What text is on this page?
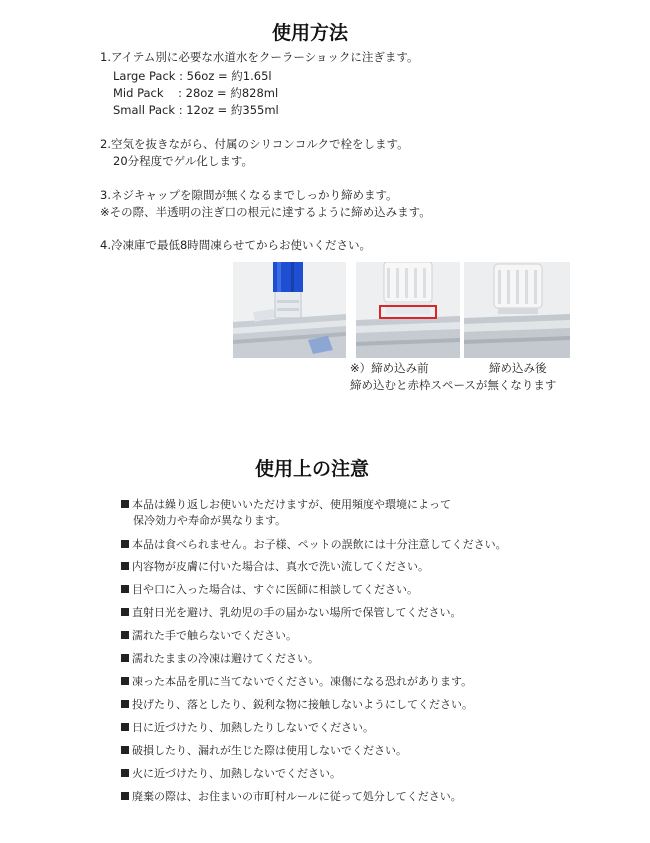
使用方法
1.アイテム別に必要な水道水をクーラーショックに注ぎます。
Large Pack : 56oz = 約1.65l
Mid Pack    : 28oz = 約828ml
Small Pack : 12oz = 約355ml
2.空気を抜きながら、付属のシリコンコルクで栓をします。
20分程度でゲル化します。
3.ネジキャップを隙間が無くなるまでしっかり締めます。
※その際、半透明の注ぎ口の根元に達するように締め込みます。
4.冷凍庫で最低8時間凍らせてからお使いください。
※）締め込み前	締め込み後
締め込むと赤枠スペースが無くなります
使用上の注意
本品は繰り返しお使いいただけますが、使用頻度や環境によって
保冷効力や寿命が異なります。
本品は食べられません。お子様、ペットの誤飲には十分注意してください。
内容物が皮膚に付いた場合は、真水で洗い流してください。
目や口に入った場合は、すぐに医師に相談してください。
直射日光を避け、乳幼児の手の届かない場所で保管してください。
濡れた手で触らないでください。
濡れたままの冷凍は避けてください。
凍った本品を肌に当てないでください。凍傷になる恐れがあります。
投げたり、落としたり、鋭利な物に接触しないようにしてください。
日に近づけたり、加熱したりしないでください。
破損したり、漏れが生じた際は使用しないでください。
火に近づけたり、加熱しないでください。
廃棄の際は、お住まいの市町村ルールに従って処分してください。
